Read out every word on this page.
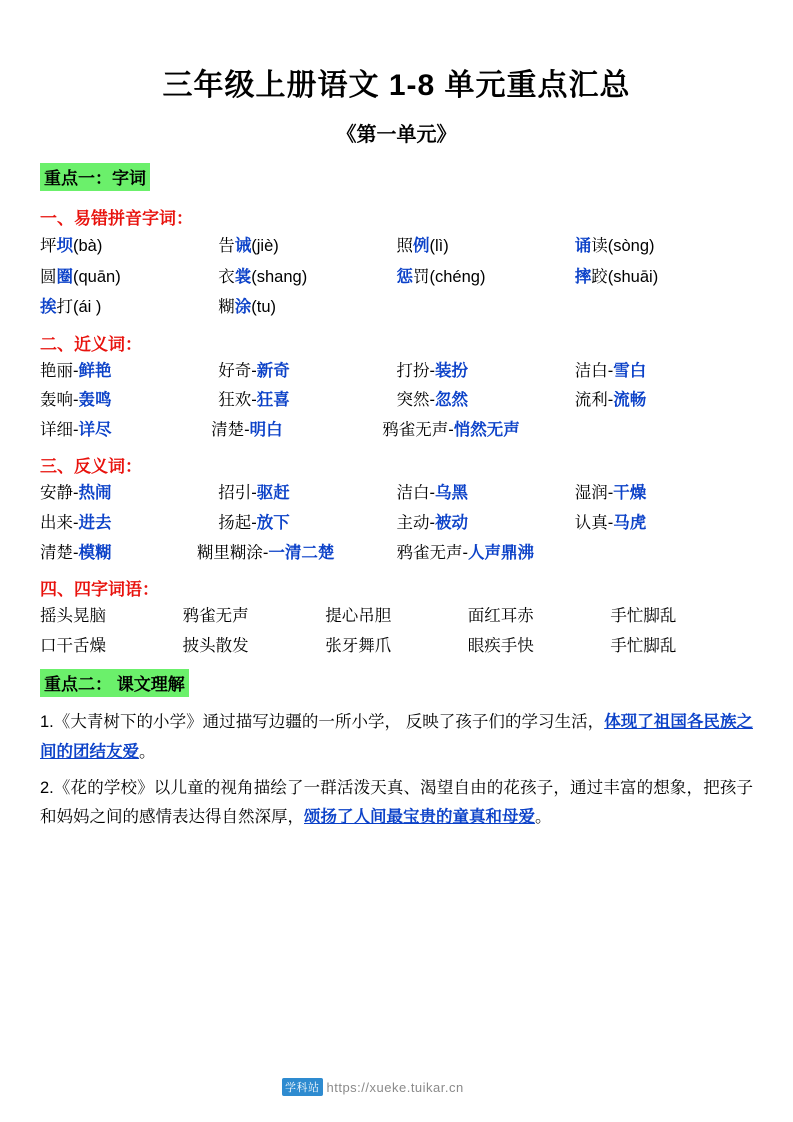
三年级上册语文 1-8 单元重点汇总
《第一单元》
重点一：字词
一、易错拼音字词：
坪坝(bà)	告诫(jiè)	照例(lì)	诵读(sòng)
圆圈(quān)	衣裳(shang)	惩罚(chéng)	摔跤(shuāi)
挨打(ái )	糊涂(tu)
二、近义词：
艳丽-鲜艳	好奇-新奇	打扮-装扮	洁白-雪白
轰响-轰鸣	狂欢-狂喜	突然-忽然	流利-流畅
详细-详尽	清楚-明白	鸦雀无声-悄然无声
三、反义词：
安静-热闹	招引-驱赶	洁白-乌黑	湿润-干燥
出来-进去	扬起-放下	主动-被动	认真-马虎
清楚-模糊	糊里糊涂-一清二楚	鸦雀无声-人声鼎沸
四、四字词语：
摇头晃脑	鸦雀无声	提心吊胆	面红耳赤	手忙脚乱
口干舌燥	披头散发	张牙舞爪	眼疾手快	手忙脚乱
重点二： 课文理解
1.《大青树下的小学》通过描写边疆的一所小学， 反映了孩子们的学习生活，体现了祖国各民族之间的团结友爱。
2.《花的学校》以儿童的视角描绘了一群活泼天真、渴望自由的花孩子，通过丰富的想象，把孩子和妈妈之间的感情表达得自然深厚，颂扬了人间最宝贵的童真和母爱。
学科站 https://xueke.tuikar.cn
